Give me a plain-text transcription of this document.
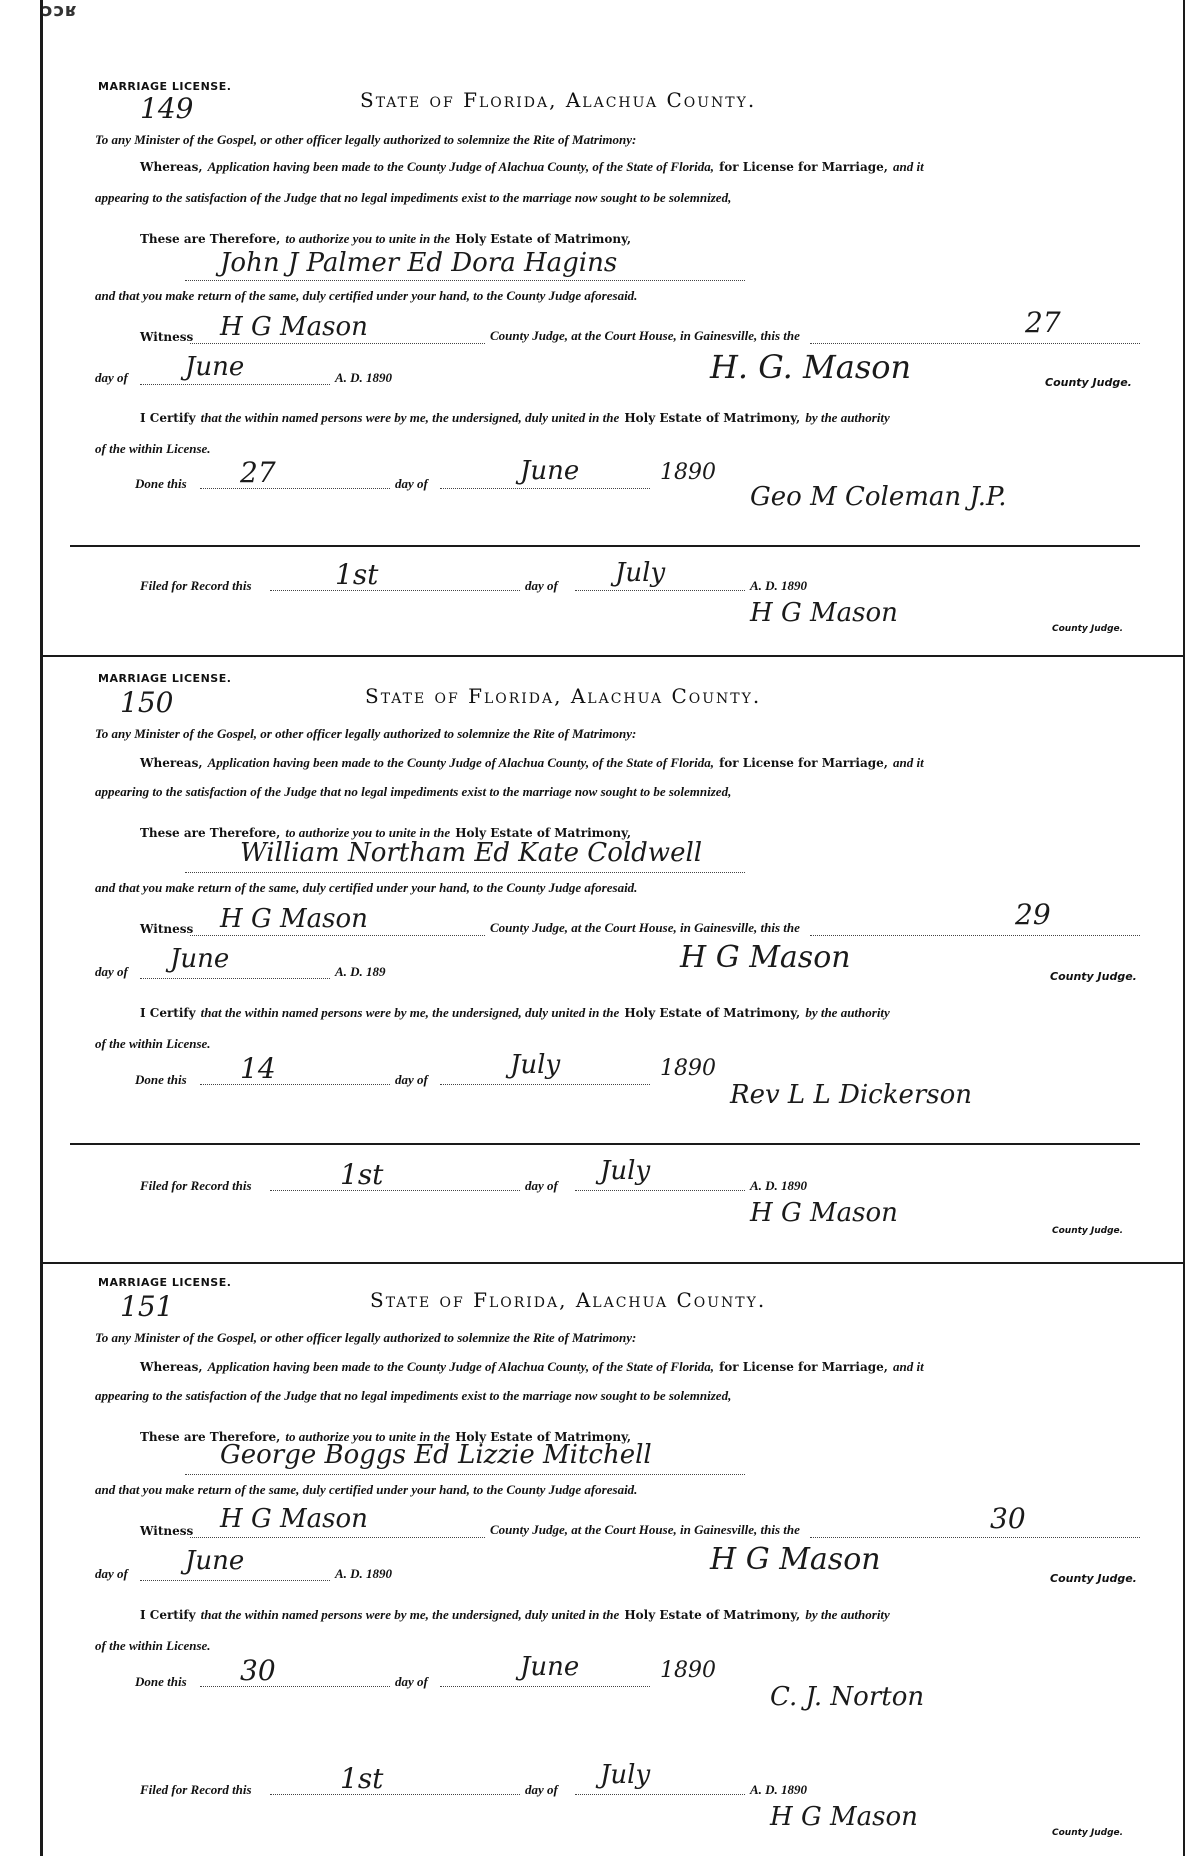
ɔɔʁ
MARRIAGE LICENSE.
149	State of Florida, Alachua County.
To any Minister of the Gospel, or other officer legally authorized to solemnize the Rite of Matrimony:
Whereas, Application having been made to the County Judge of Alachua County, of the State of Florida, for License for Marriage, and it
appearing to the satisfaction of the Judge that no legal impediments exist to the marriage now sought to be solemnized,
These are Therefore, to authorize you to unite in the Holy Estate of Matrimony,
John J Palmer Ed Dora Hagins
and that you make return of the same, duly certified under your hand, to the County Judge aforesaid.
Witness H G Mason	County Judge, at the Court House, in Gainesville, this the	27
day of June	A. D. 1890	H. G. Mason	County Judge.
I Certify that the within named persons were by me, the undersigned, duly united in the Holy Estate of Matrimony, by the authority
of the within License.
Done this 27	day of	June	1890
Geo M Coleman J.P.
Filed for Record this	1st	day of July	A. D. 1890
H G Mason
County Judge.
MARRIAGE LICENSE.
150	State of Florida, Alachua County.
To any Minister of the Gospel, or other officer legally authorized to solemnize the Rite of Matrimony:
Whereas, Application having been made to the County Judge of Alachua County, of the State of Florida, for License for Marriage, and it
appearing to the satisfaction of the Judge that no legal impediments exist to the marriage now sought to be solemnized,
These are Therefore, to authorize you to unite in the Holy Estate of Matrimony,
William Northam Ed Kate Coldwell
and that you make return of the same, duly certified under your hand, to the County Judge aforesaid.
Witness H G Mason	County Judge, at the Court House, in Gainesville, this the	29
day of June	A. D. 189	H G Mason
County Judge.
I Certify that the within named persons were by me, the undersigned, duly united in the Holy Estate of Matrimony, by the authority
of the within License.
Done this 14	day of	July	1890
Rev L L Dickerson
Filed for Record this	1st	day of July	A. D. 1890
H G Mason
County Judge.
MARRIAGE LICENSE.
151	State of Florida, Alachua County.
To any Minister of the Gospel, or other officer legally authorized to solemnize the Rite of Matrimony:
Whereas, Application having been made to the County Judge of Alachua County, of the State of Florida, for License for Marriage, and it
appearing to the satisfaction of the Judge that no legal impediments exist to the marriage now sought to be solemnized,
These are Therefore, to authorize you to unite in the Holy Estate of Matrimony,
George Boggs Ed Lizzie Mitchell
and that you make return of the same, duly certified under your hand, to the County Judge aforesaid.
Witness H G Mason	County Judge, at the Court House, in Gainesville, this the	30
day of June	A. D. 1890	H G Mason
County Judge.
I Certify that the within named persons were by me, the undersigned, duly united in the Holy Estate of Matrimony, by the authority
of the within License.
Done this 30	day of	June	1890
C. J. Norton
Filed for Record this	1st	day of July	A. D. 1890
H G Mason
County Judge.
